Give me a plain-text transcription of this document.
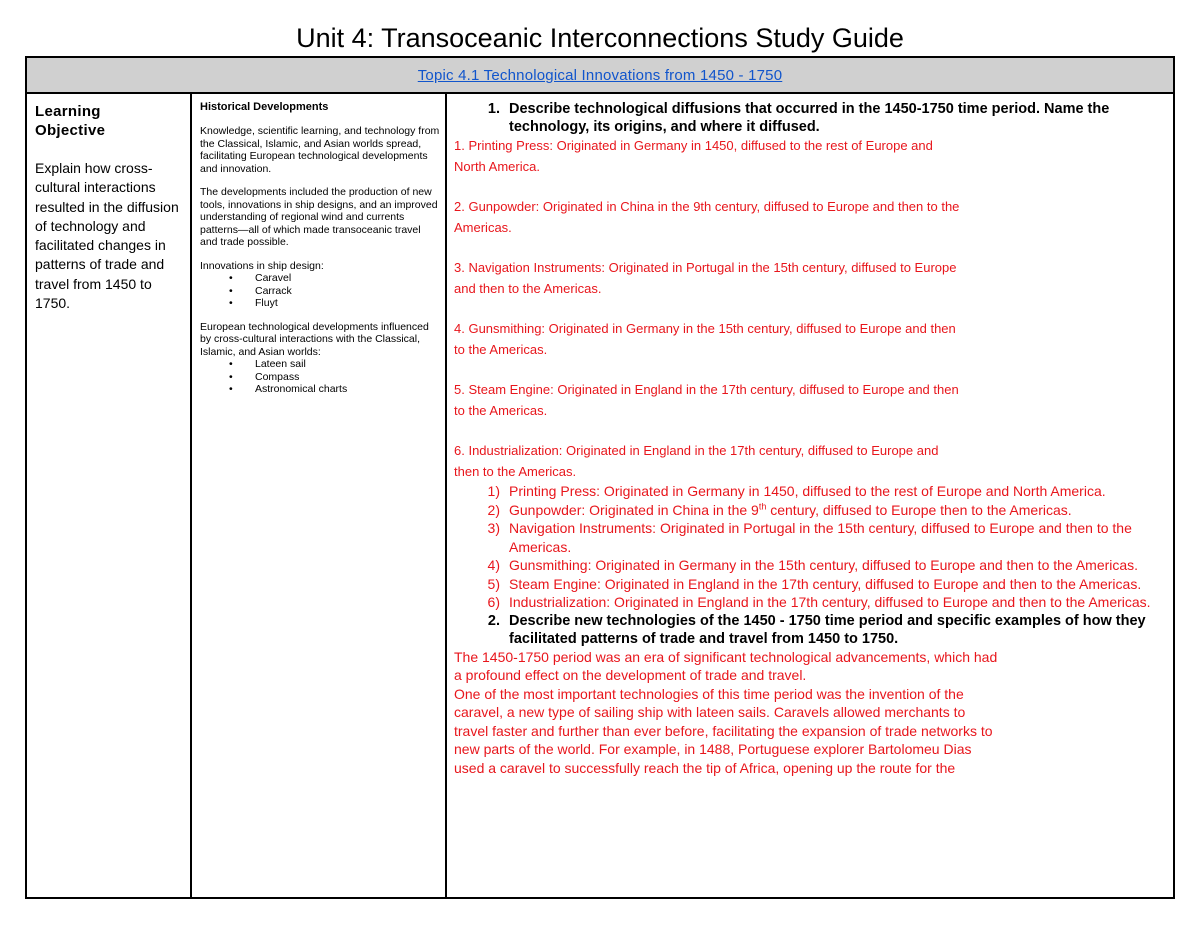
Unit 4: Transoceanic Interconnections Study Guide
Topic 4.1 Technological Innovations from 1450 - 1750
Learning
Objective
Explain how cross-cultural interactions resulted in the diffusion of technology and facilitated changes in patterns of trade and travel from 1450 to 1750.
Historical Developments

Knowledge, scientific learning, and technology from the Classical, Islamic, and Asian worlds spread, facilitating European technological developments and innovation.

The developments included the production of new tools, innovations in ship designs, and an improved understanding of regional wind and currents patterns—all of which made transoceanic travel and trade possible.

Innovations in ship design:

• Caravel
• Carrack
• Fluyt

European technological developments influenced by cross-cultural interactions with the Classical, Islamic, and Asian worlds:

• Lateen sail
• Compass
• Astronomical charts
1. Describe technological diffusions that occurred in the 1450-1750 time period. Name the technology, its origins, and where it diffused.
1. Printing Press: Originated in Germany in 1450, diffused to the rest of Europe and
North America.
2. Gunpowder: Originated in China in the 9th century, diffused to Europe and then to the
Americas.
3. Navigation Instruments: Originated in Portugal in the 15th century, diffused to Europe
and then to the Americas.
4. Gunsmithing: Originated in Germany in the 15th century, diffused to Europe and then
to the Americas.
5. Steam Engine: Originated in England in the 17th century, diffused to Europe and then
to the Americas.
6. Industrialization: Originated in England in the 17th century, diffused to Europe and
then to the Americas.
1) Printing Press: Originated in Germany in 1450, diffused to the rest of Europe and North America.
2) Gunpowder: Originated in China in the 9th century, diffused to Europe then to the Americas.
3) Navigation Instruments: Originated in Portugal in the 15th century, diffused to Europe and then to the Americas.
4) Gunsmithing: Originated in Germany in the 15th century, diffused to Europe and then to the Americas.
5) Steam Engine: Originated in England in the 17th century, diffused to Europe and then to the Americas.
6) Industrialization: Originated in England in the 17th century, diffused to Europe and then to the Americas.
2. Describe new technologies of the 1450 - 1750 time period and specific examples of how they facilitated patterns of trade and travel from 1450 to 1750.
The 1450-1750 period was an era of significant technological advancements, which had
a profound effect on the development of trade and travel.
One of the most important technologies of this time period was the invention of the
caravel, a new type of sailing ship with lateen sails. Caravels allowed merchants to
travel faster and further than ever before, facilitating the expansion of trade networks to
new parts of the world. For example, in 1488, Portuguese explorer Bartolomeu Dias
used a caravel to successfully reach the tip of Africa, opening up the route for the
